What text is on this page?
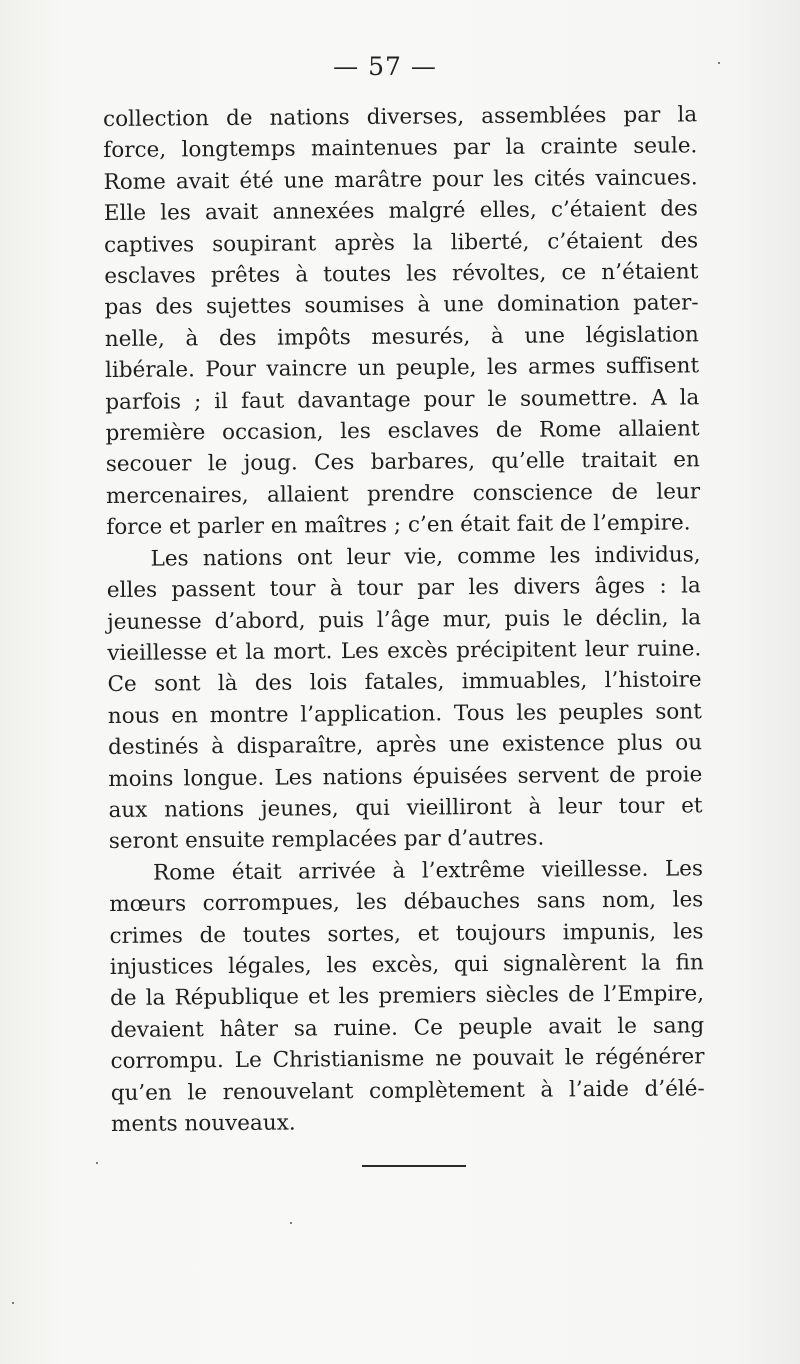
— 57 —

collection de nations diverses, assemblées par la
force, longtemps maintenues par la crainte seule.
Rome avait été une marâtre pour les cités vaincues.
Elle les avait annexées malgré elles, c’étaient des
captives soupirant après la liberté, c’étaient des
esclaves prêtes à toutes les révoltes, ce n’étaient
pas des sujettes soumises à une domination pater-
nelle, à des impôts mesurés, à une législation
libérale. Pour vaincre un peuple, les armes suffisent
parfois ; il faut davantage pour le soumettre. A la
première occasion, les esclaves de Rome allaient
secouer le joug. Ces barbares, qu’elle traitait en
mercenaires, allaient prendre conscience de leur
force et parler en maîtres ; c’en était fait de l’empire.

Les nations ont leur vie, comme les individus,
elles passent tour à tour par les divers âges : la
jeunesse d’abord, puis l’âge mur, puis le déclin, la
vieillesse et la mort. Les excès précipitent leur ruine.
Ce sont là des lois fatales, immuables, l’histoire
nous en montre l’application. Tous les peuples sont
destinés à disparaître, après une existence plus ou
moins longue. Les nations épuisées servent de proie
aux nations jeunes, qui vieilliront à leur tour et
seront ensuite remplacées par d’autres.

Rome était arrivée à l’extrême vieillesse. Les
mœurs corrompues, les débauches sans nom, les
crimes de toutes sortes, et toujours impunis, les
injustices légales, les excès, qui signalèrent la fin
de la République et les premiers siècles de l’Empire,
devaient hâter sa ruine. Ce peuple avait le sang
corrompu. Le Christianisme ne pouvait le régénérer
qu’en le renouvelant complètement à l’aide d’élé-
ments nouveaux.
